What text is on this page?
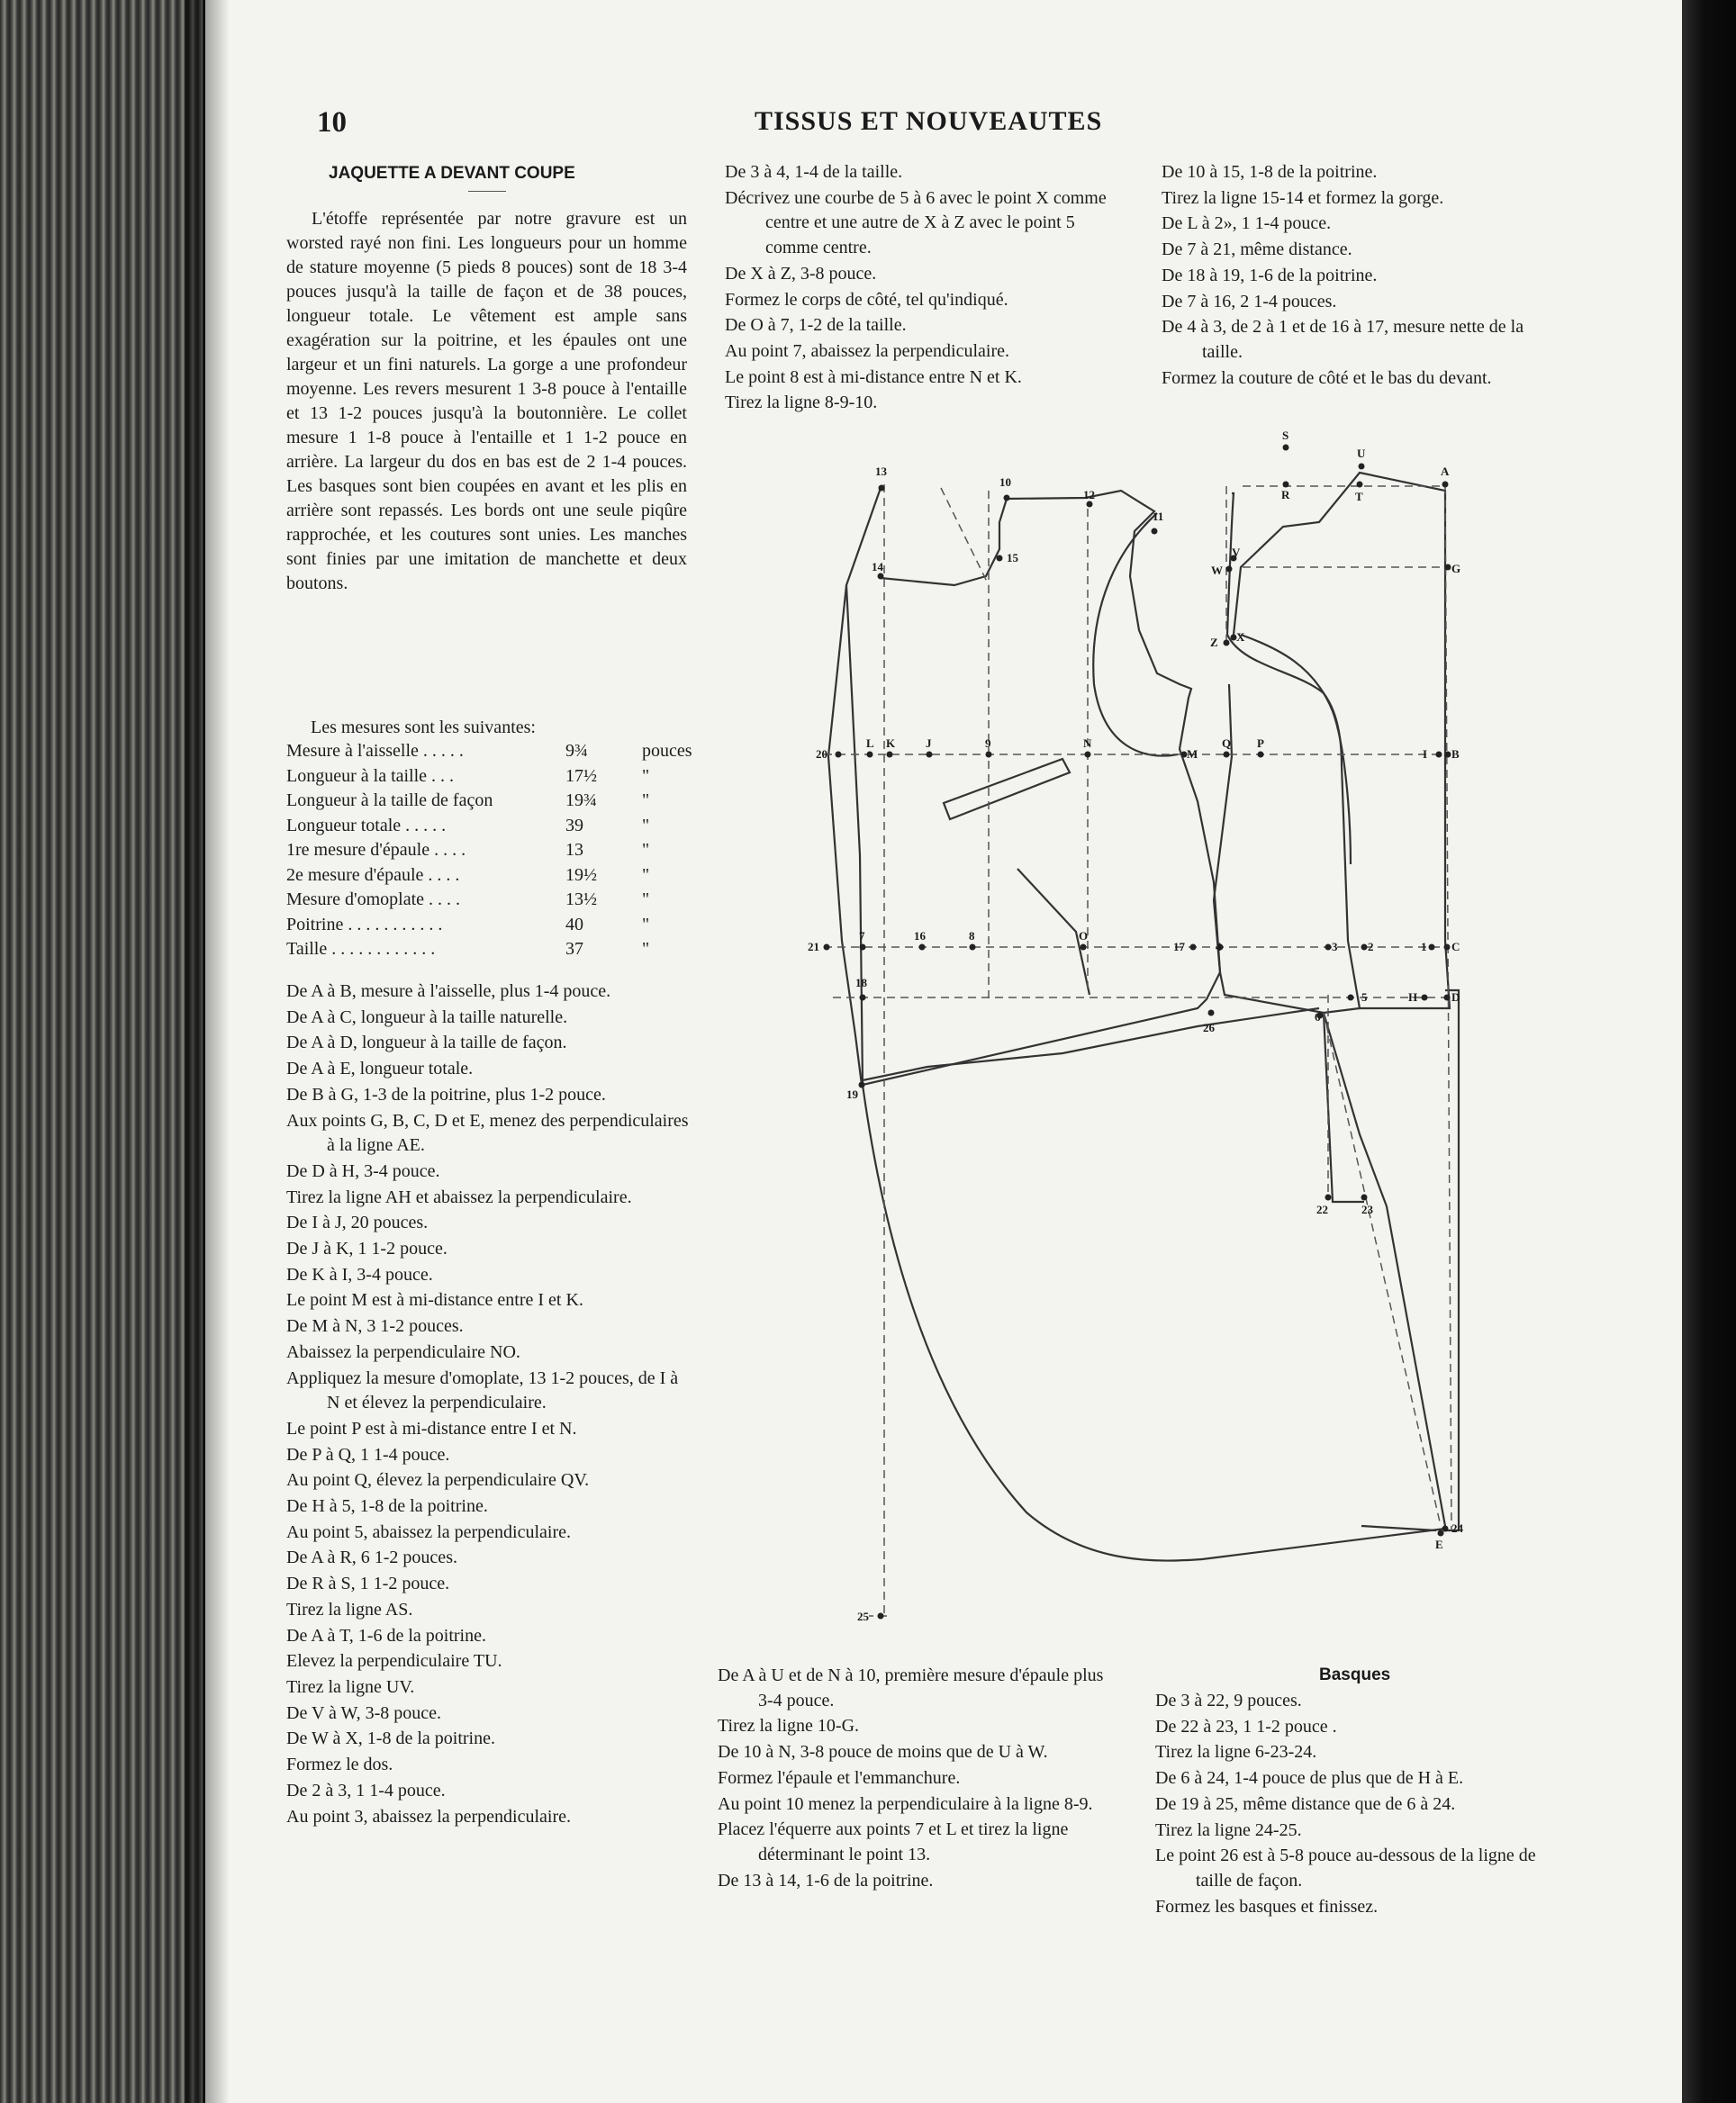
10	TISSUS ET NOUVEAUTES
JAQUETTE A DEVANT COUPE

L'étoffe représentée par notre gravure est un worsted rayé non fini. Les longueurs pour un homme de stature moyenne (5 pieds 8 pouces) sont de 18 3-4 pouces jusqu'à la taille de façon et de 38 pouces, longueur totale. Le vêtement est ample sans exagération sur la poitrine, et les épaules ont une largeur et un fini naturels. La gorge a une profondeur moyenne. Les revers mesurent 1 3-8 pouce à l'entaille et 13 1-2 pouces jusqu'à la boutonnière. Le collet mesure 1 1-8 pouce à l'entaille et 1 1-2 pouce en arrière. La largeur du dos en bas est de 2 1-4 pouces. Les basques sont bien coupées en avant et les plis en arrière sont repassés. Les bords ont une seule piqûre rapprochée, et les coutures sont unies. Les manches sont finies par une imitation de manchette et deux boutons.

Les mesures sont les suivantes:
Mesure à l'aisselle . . . . .	9¾	pouces
Longueur à la taille . . .	17½	"
Longueur à la taille de façon	19¾	"
Longueur totale . . . . .	39	"
1re mesure d'épaule . . . .	13	"
2e mesure d'épaule . . . .	19½	"
Mesure d'omoplate . . . .	13½	"
Poitrine . . . . . . . . . . .	40	"
Taille . . . . . . . . . . . .	37	"
De A à B, mesure à l'aisselle, plus 1-4 pouce.
De A à C, longueur à la taille naturelle.
De A à D, longueur à la taille de façon.
De A à E, longueur totale.
De B à G, 1-3 de la poitrine, plus 1-2 pouce.
Aux points G, B, C, D et E, menez des perpendiculaires à la ligne AE.
De D à H, 3-4 pouce.
Tirez la ligne AH et abaissez la perpendiculaire.
De I à J, 20 pouces.
De J à K, 1 1-2 pouce.
De K à I, 3-4 pouce.
Le point M est à mi-distance entre I et K.
De M à N, 3 1-2 pouces.
Abaissez la perpendiculaire NO.
Appliquez la mesure d'omoplate, 13 1-2 pouces, de I à N et élevez la perpendiculaire.
Le point P est à mi-distance entre I et N.
De P à Q, 1 1-4 pouce.
Au point Q, élevez la perpendiculaire QV.
De H à 5, 1-8 de la poitrine.
Au point 5, abaissez la perpendiculaire.
De A à R, 6 1-2 pouces.
De R à S, 1 1-2 pouce.
Tirez la ligne AS.
De A à T, 1-6 de la poitrine.
Elevez la perpendiculaire TU.
Tirez la ligne UV.
De V à W, 3-8 pouce.
De W à X, 1-8 de la poitrine.
Formez le dos.
De 2 à 3, 1 1-4 pouce.
Au point 3, abaissez la perpendiculaire.
De 3 à 4, 1-4 de la taille.
Décrivez une courbe de 5 à 6 avec le point X comme centre et une autre de X à Z avec le point 5 comme centre.
De X à Z, 3-8 pouce.
Formez le corps de côté, tel qu'indiqué.
De O à 7, 1-2 de la taille.
Au point 7, abaissez la perpendiculaire.
Le point 8 est à mi-distance entre N et K.
Tirez la ligne 8-9-10.
De 10 à 15, 1-8 de la poitrine.
Tirez la ligne 15-14 et formez la gorge.
De L à 2», 1 1-4 pouce.
De 7 à 21, même distance.
De 18 à 19, 1-6 de la poitrine.
De 7 à 16, 2 1-4 pouces.
De 4 à 3, de 2 à 1 et de 16 à 17, mesure nette de la taille.
Formez la couture de côté et le bas du devant.
13
10
12
11
14
15
S
U
A
R	T
V
W	G
Z X
20
L K	J	9	N
M
Q P
I B
21
7	16	8	O
17	4	3	2	1 C
18
5	H	D
6
26
19
22	23
24
E
25
De A à U et de N à 10, première mesure d'épaule plus 3-4 pouce.
Tirez la ligne 10-G.
De 10 à N, 3-8 pouce de moins que de U à W.
Formez l'épaule et l'emmanchure.
Au point 10 menez la perpendiculaire à la ligne 8-9.
Placez l'équerre aux points 7 et L et tirez la ligne déterminant le point 13.
De 13 à 14, 1-6 de la poitrine.
Basques
De 3 à 22, 9 pouces.
De 22 à 23, 1 1-2 pouce .
Tirez la ligne 6-23-24.
De 6 à 24, 1-4 pouce de plus que de H à E.
De 19 à 25, même distance que de 6 à 24.
Tirez la ligne 24-25.
Le point 26 est à 5-8 pouce au-dessous de la ligne de taille de façon.
Formez les basques et finissez.
